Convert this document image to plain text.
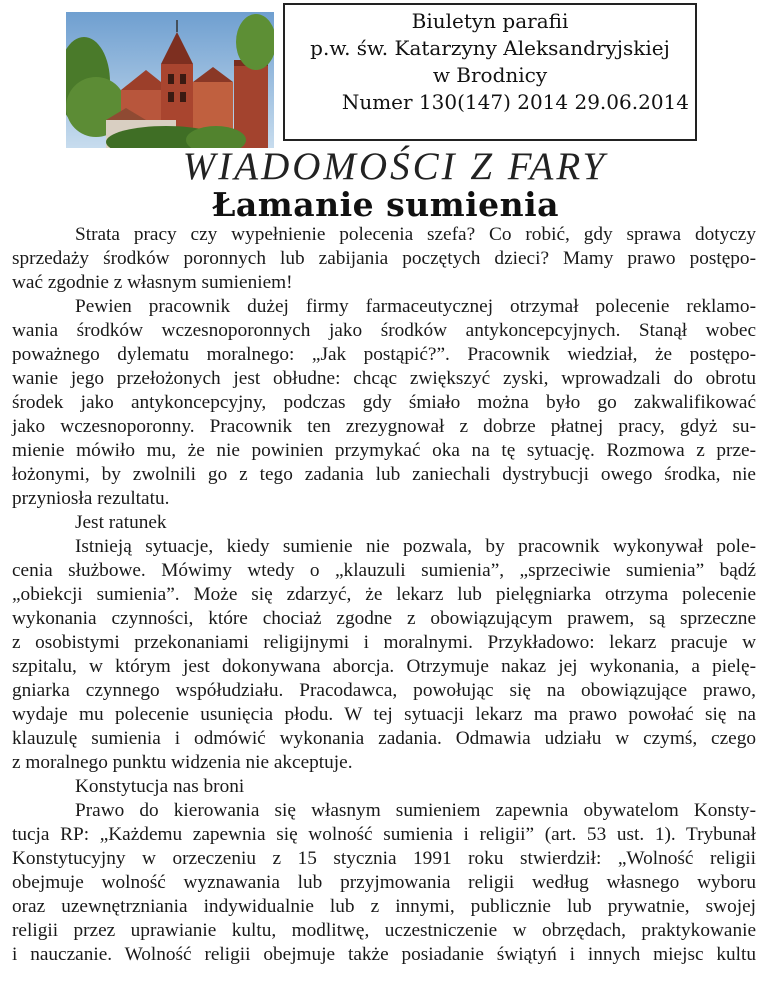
Biuletyn parafii
p.w. św. Katarzyny Aleksandryjskiej
w Brodnicy
Numer 130(147) 2014 29.06.2014
WIADOMOŚCI Z FARY
Łamanie sumienia
Strata pracy czy wypełnienie polecenia szefa? Co robić, gdy sprawa dotyczy
sprzedaży środków poronnych lub zabijania poczętych dzieci? Mamy prawo postępo-
wać zgodnie z własnym sumieniem!
Pewien pracownik dużej firmy farmaceutycznej otrzymał polecenie reklamo-
wania środków wczesnoporonnych jako środków antykoncepcyjnych. Stanął wobec
poważnego dylematu moralnego: „Jak postąpić?”. Pracownik wiedział, że postępo-
wanie jego przełożonych jest obłudne: chcąc zwiększyć zyski, wprowadzali do obrotu
środek jako antykoncepcyjny, podczas gdy śmiało można było go zakwalifikować
jako wczesnoporonny. Pracownik ten zrezygnował z dobrze płatnej pracy, gdyż su-
mienie mówiło mu, że nie powinien przymykać oka na tę sytuację. Rozmowa z prze-
łożonymi, by zwolnili go z tego zadania lub zaniechali dystrybucji owego środka, nie
przyniosła rezultatu.
Jest ratunek
Istnieją sytuacje, kiedy sumienie nie pozwala, by pracownik wykonywał pole-
cenia służbowe. Mówimy wtedy o „klauzuli sumienia”, „sprzeciwie sumienia” bądź
„obiekcji sumienia”. Może się zdarzyć, że lekarz lub pielęgniarka otrzyma polecenie
wykonania czynności, które chociaż zgodne z obowiązującym prawem, są sprzeczne
z osobistymi przekonaniami religijnymi i moralnymi. Przykładowo: lekarz pracuje w
szpitalu, w którym jest dokonywana aborcja. Otrzymuje nakaz jej wykonania, a pielę-
gniarka czynnego współudziału. Pracodawca, powołując się na obowiązujące prawo,
wydaje mu polecenie usunięcia płodu. W tej sytuacji lekarz ma prawo powołać się na
klauzulę sumienia i odmówić wykonania zadania. Odmawia udziału w czymś, czego
z moralnego punktu widzenia nie akceptuje.
Konstytucja nas broni
Prawo do kierowania się własnym sumieniem zapewnia obywatelom Konsty-
tucja RP: „Każdemu zapewnia się wolność sumienia i religii” (art. 53 ust. 1). Trybunał
Konstytucyjny w orzeczeniu z 15 stycznia 1991 roku stwierdził: „Wolność religii
obejmuje wolność wyznawania lub przyjmowania religii według własnego wyboru
oraz uzewnętrzniania indywidualnie lub z innymi, publicznie lub prywatnie, swojej
religii przez uprawianie kultu, modlitwę, uczestniczenie w obrzędach, praktykowanie
i nauczanie. Wolność religii obejmuje także posiadanie świątyń i innych miejsc kultu
